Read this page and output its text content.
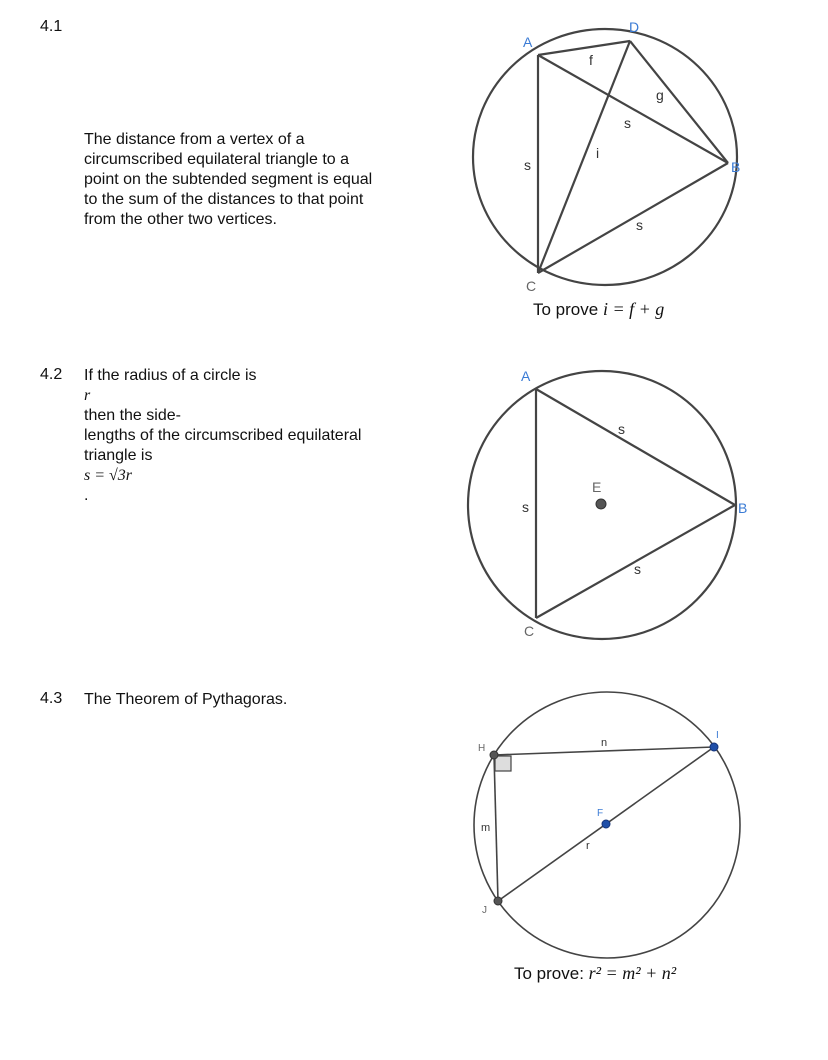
4.1
The distance from a vertex of a
circumscribed equilateral triangle to a
point on the subtended segment is equal
to the sum of the distances to that point
from the other two vertices.
To prove i = f + g
4.2 If the radius of a circle is
r
then the side-
lengths of the circumscribed equilateral
triangle is
s = √3r
.
4.3 The Theorem of Pythagoras.
To prove: r² = m² + n²
A
D
B
C
f
g
i
s
s
s
A
B
C
E
s
s
s
H
J
I
F
n
m
r
